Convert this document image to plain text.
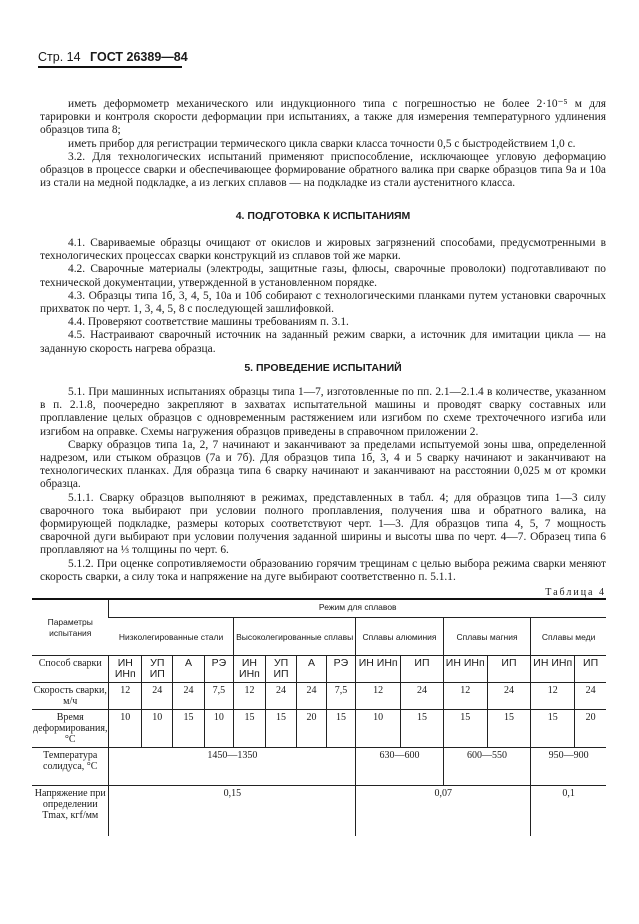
Стр. 14 ГОСТ 26389—84

иметь деформометр механического или индукционного типа с погрешностью не более 2·10⁻⁵ м для тарировки и контроля скорости деформации при испытаниях, а также для измерения температурного удлинения образцов типа 8;

иметь прибор для регистрации термического цикла сварки класса точности 0,5 с быстродействием 1,0 с.

3.2. Для технологических испытаний применяют приспособление, исключающее угловую деформацию образцов в процессе сварки и обеспечивающее формирование обратного валика при сварке образцов типа 9а и 10а из стали на медной подкладке, а из легких сплавов — на подкладке из стали аустенитного класса.

4. ПОДГОТОВКА К ИСПЫТАНИЯМ

4.1. Свариваемые образцы очищают от окислов и жировых загрязнений способами, предусмотренными в технологических процессах сварки конструкций из сплавов той же марки.

4.2. Сварочные материалы (электроды, защитные газы, флюсы, сварочные проволоки) подготавливают по технической документации, утвержденной в установленном порядке.

4.3. Образцы типа 1б, 3, 4, 5, 10а и 10б собирают с технологическими планками путем установки сварочных прихваток по черт. 1, 3, 4, 5, 8 с последующей зашлифовкой.

4.4. Проверяют соответствие машины требованиям п. 3.1.

4.5. Настраивают сварочный источник на заданный режим сварки, а источник для имитации цикла — на заданную скорость нагрева образца.

5. ПРОВЕДЕНИЕ ИСПЫТАНИЙ

5.1. При машинных испытаниях образцы типа 1—7, изготовленные по пп. 2.1—2.1.4 в количестве, указанном в п. 2.1.8, поочередно закрепляют в захватах испытательной машины и проводят сварку составных или проплавление целых образцов с одновременным растяжением или изгибом по схеме трехточечного изгиба или изгибом на оправке. Схемы нагружения образцов приведены в справочном приложении 2.

Сварку образцов типа 1а, 2, 7 начинают и заканчивают за пределами испытуемой зоны шва, определенной надрезом, или стыком образцов (7а и 7б). Для образцов типа 1б, 3, 4 и 5 сварку начинают и заканчивают на технологических планках. Для образца типа 6 сварку начинают и заканчивают на расстоянии 0,025 м от кромки образца.

5.1.1. Сварку образцов выполняют в режимах, представленных в табл. 4; для образцов типа 1—3 силу сварочного тока выбирают при условии полного проплавления, получения шва и обратного валика, на формирующей подкладке, размеры которых соответствуют черт. 1—3. Для образцов типа 4, 5, 7 мощность сварочной дуги выбирают при условии получения заданной ширины и высоты шва по черт. 4—7. Образец типа 6 проплавляют на ⅓ толщины по черт. 6.

5.1.2. При оценке сопротивляемости образованию горячим трещинам с целью выбора режима сварки меняют скорость сварки, а силу тока и напряжение на дуге выбирают соответственно п. 5.1.1.

Таблица 4
Параметры испытания	Режим для сплавов													
	Низколегированные стали				Высоколегированные сплавы				Сплавы алюминия		Сплавы магния		Сплавы меди	
Способ сварки	ИН ИНп	УП ИП	А	РЭ	ИН ИНп	УП ИП	А	РЭ	ИН ИНп	ИП	ИН ИНп	ИП	ИН ИНп	ИП
Скорость сварки, м/ч	12	24	24	7,5	12	24	24	7,5	12	24	12	24	12	24
Время деформирования, °С	10	10	15	10	15	15	20	15	10	15	15	15	15	20
Температура солидуса, °С	1450—1350								630—600		600—550		950—900	
Напряжение при определении Tmax, кгf/мм	0,15								0,07				0,1	
